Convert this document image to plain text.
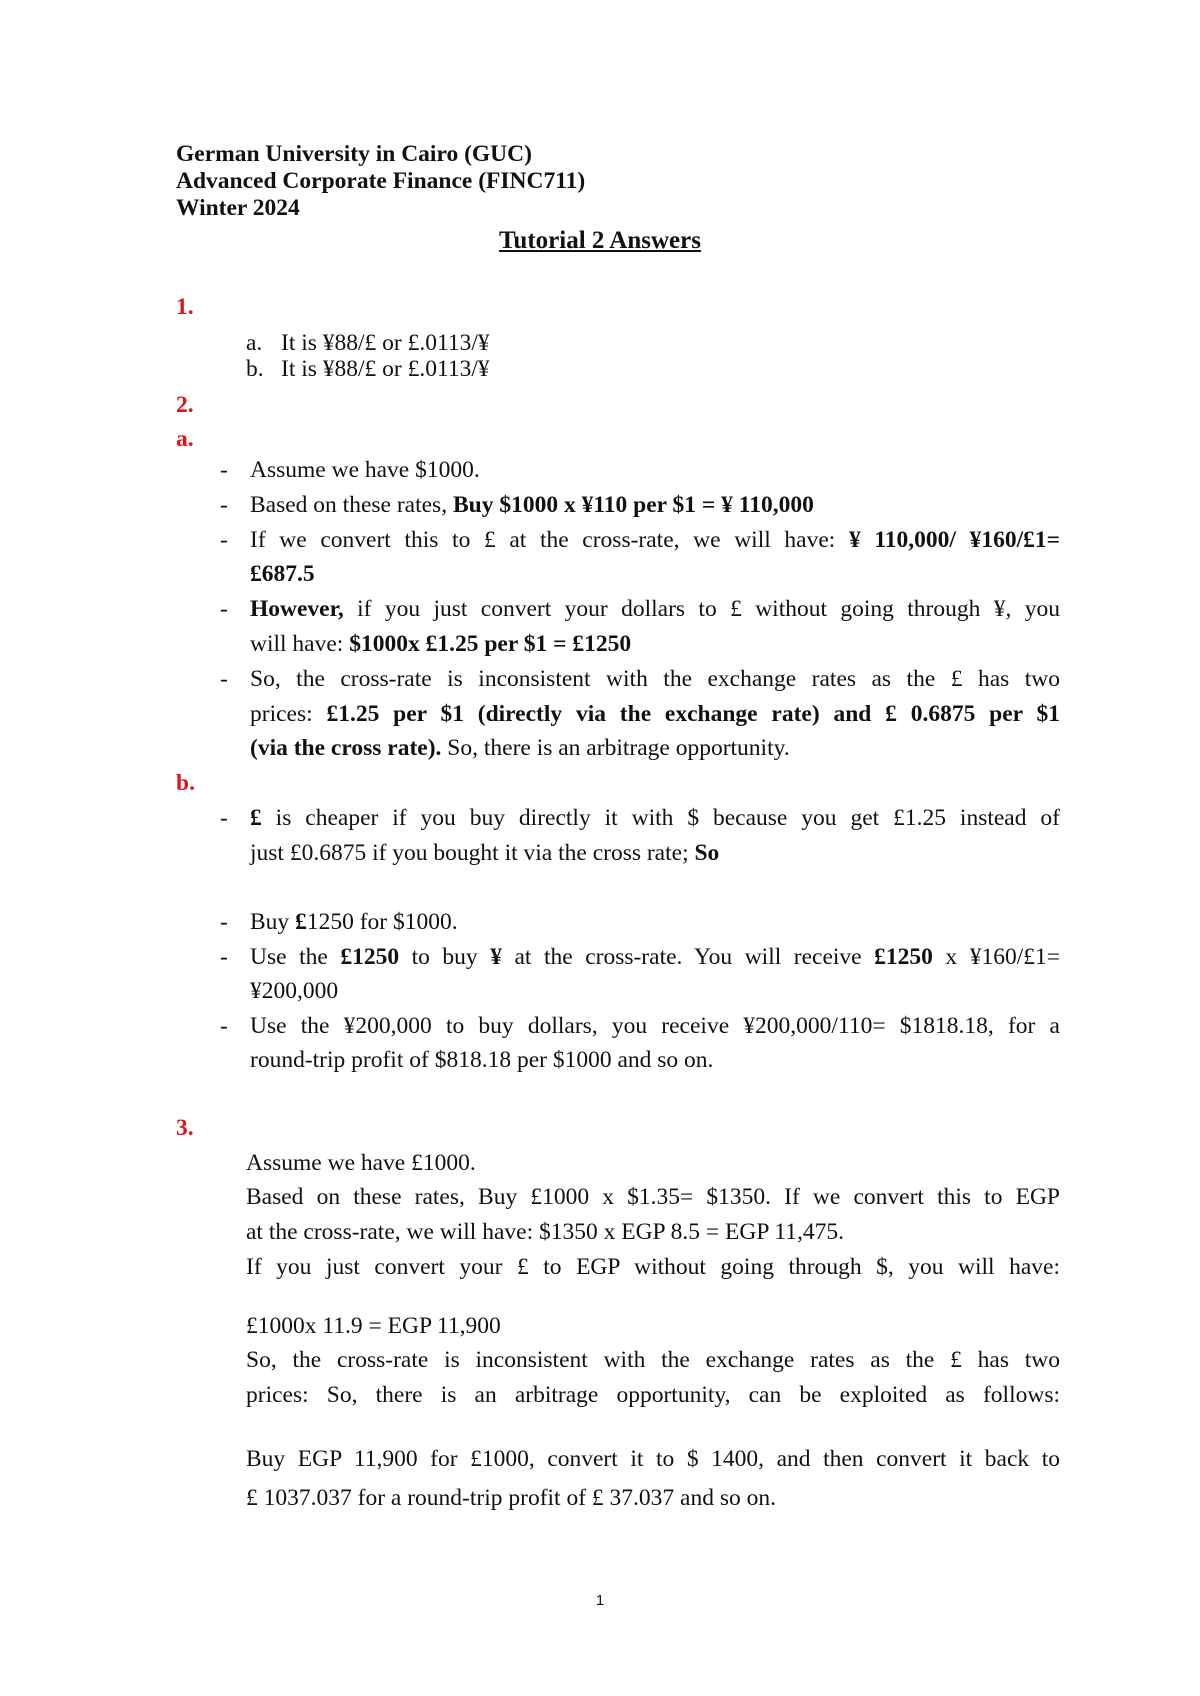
German University in Cairo (GUC)
Advanced Corporate Finance (FINC711)
Winter 2024
Tutorial 2 Answers
1.
a. It is ¥88/£ or £.0113/¥
b. It is ¥88/£ or £.0113/¥
2.
a.
- Assume we have $1000.
- Based on these rates, Buy $1000 x ¥110 per $1 = ¥ 110,000
- If we convert this to £ at the cross-rate, we will have: ¥ 110,000/ ¥160/£1=
£687.5
- However, if you just convert your dollars to £ without going through ¥, you
will have: $1000x £1.25 per $1 = £1250
- So, the cross-rate is inconsistent with the exchange rates as the £ has two
prices: £1.25 per $1 (directly via the exchange rate) and £ 0.6875 per $1
(via the cross rate). So, there is an arbitrage opportunity.
b.
- £ is cheaper if you buy directly it with $ because you get £1.25 instead of
just £0.6875 if you bought it via the cross rate; So
- Buy £1250 for $1000.
- Use the £1250 to buy ¥ at the cross-rate. You will receive £1250 x ¥160/£1=
¥200,000
- Use the ¥200,000 to buy dollars, you receive ¥200,000/110= $1818.18, for a
round-trip profit of $818.18 per $1000 and so on.
3.
Assume we have £1000.
Based on these rates, Buy £1000 x $1.35= $1350. If we convert this to EGP
at the cross-rate, we will have: $1350 x EGP 8.5 = EGP 11,475.
If you just convert your £ to EGP without going through $, you will have:
£1000x 11.9 = EGP 11,900
So, the cross-rate is inconsistent with the exchange rates as the £ has two
prices: So, there is an arbitrage opportunity, can be exploited as follows:
Buy EGP 11,900 for £1000, convert it to $ 1400, and then convert it back to
£ 1037.037 for a round-trip profit of £ 37.037 and so on.
1
